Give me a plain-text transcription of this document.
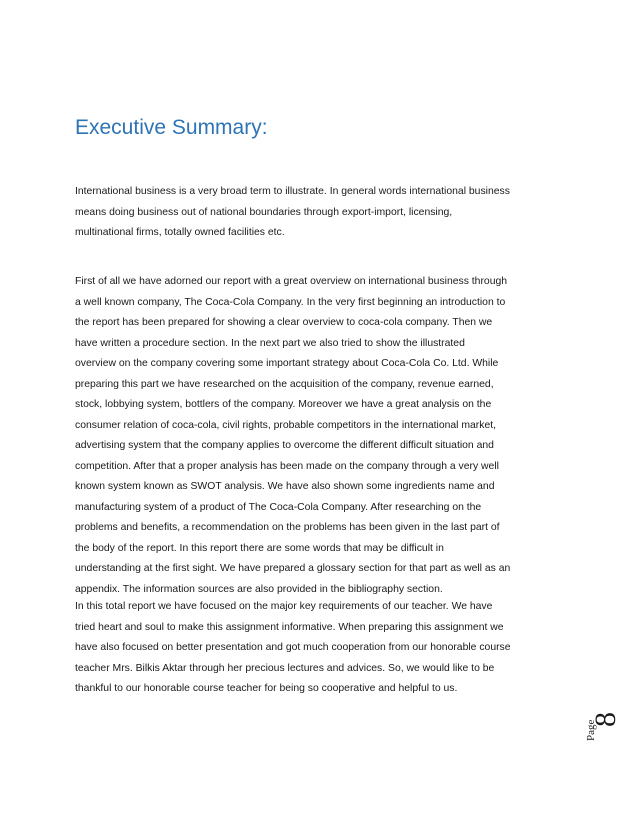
Executive Summary:

International business is a very broad term to illustrate. In general words international business
means doing business out of national boundaries through export-import, licensing,
multinational firms, totally owned facilities etc.

First of all we have adorned our report with a great overview on international business through
a well known company, The Coca-Cola Company. In the very first beginning an introduction to
the report has been prepared for showing a clear overview to coca-cola company. Then we
have written a procedure section. In the next part we also tried to show the illustrated
overview on the company covering some important strategy about Coca-Cola Co. Ltd. While
preparing this part we have researched on the acquisition of the company, revenue earned,
stock, lobbying system, bottlers of the company. Moreover we have a great analysis on the
consumer relation of coca-cola, civil rights, probable competitors in the international market,
advertising system that the company applies to overcome the different difficult situation and
competition. After that a proper analysis has been made on the company through a very well
known system known as SWOT analysis. We have also shown some ingredients name and
manufacturing system of a product of The Coca-Cola Company. After researching on the
problems and benefits, a recommendation on the problems has been given in the last part of
the body of the report. In this report there are some words that may be difficult in
understanding at the first sight. We have prepared a glossary section for that part as well as an
appendix. The information sources are also provided in the bibliography section.

In this total report we have focused on the major key requirements of our teacher. We have
tried heart and soul to make this assignment informative. When preparing this assignment we
have also focused on better presentation and got much cooperation from our honorable course
teacher Mrs. Bilkis Aktar through her precious lectures and advices. So, we would like to be
thankful to our honorable course teacher for being so cooperative and helpful to us.

Page
8
